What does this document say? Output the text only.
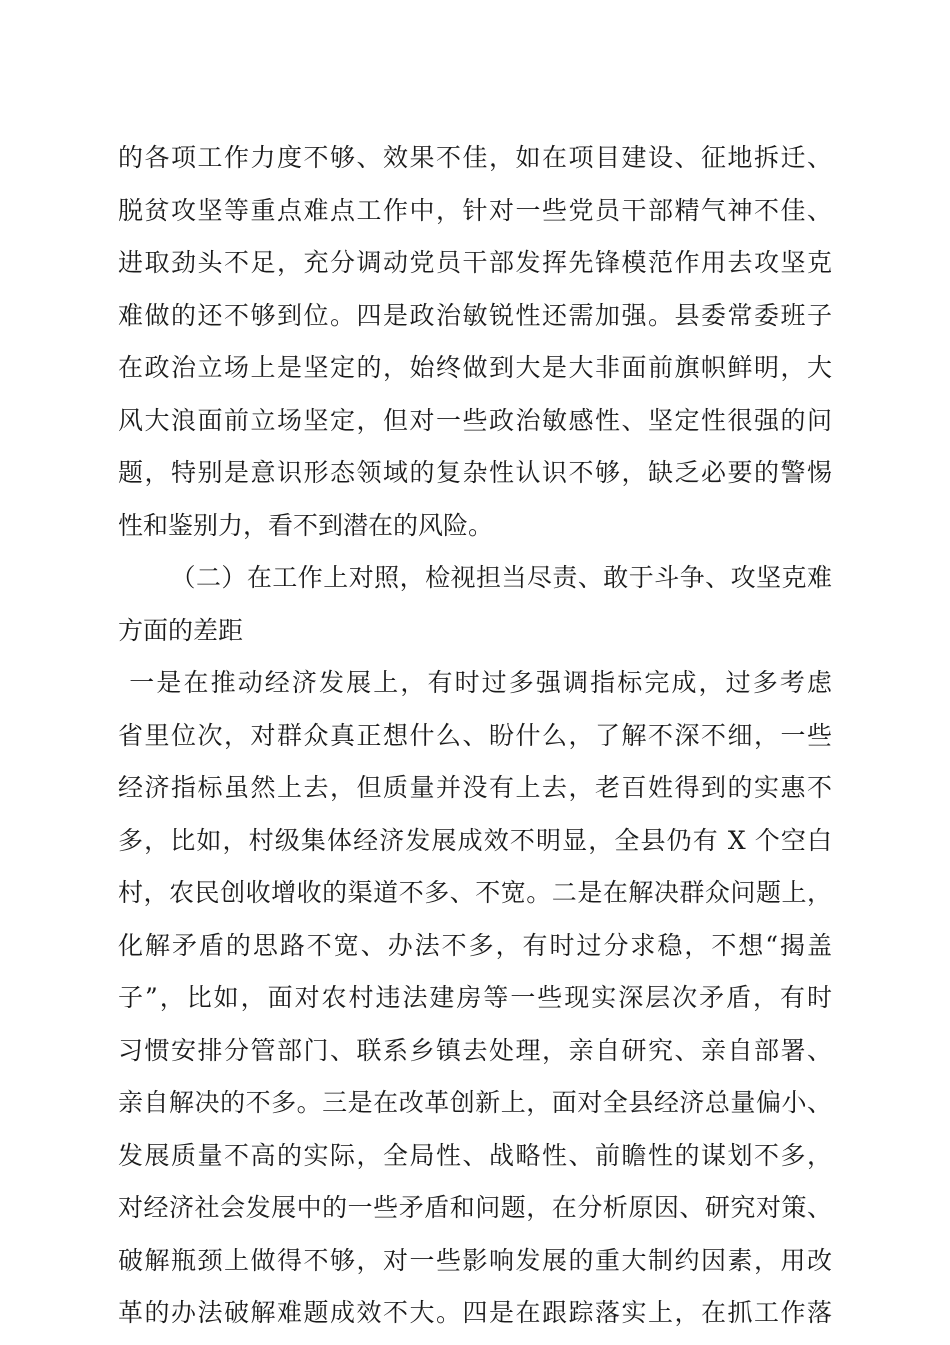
的各项工作力度不够、效果不佳，如在项目建设、征地拆迁、
脱贫攻坚等重点难点工作中，针对一些党员干部精气神不佳、
进取劲头不足，充分调动党员干部发挥先锋模范作用去攻坚克
难做的还不够到位。四是政治敏锐性还需加强。县委常委班子
在政治立场上是坚定的，始终做到大是大非面前旗帜鲜明，大
风大浪面前立场坚定，但对一些政治敏感性、坚定性很强的问
题，特别是意识形态领域的复杂性认识不够，缺乏必要的警惕
性和鉴别力，看不到潜在的风险。
（二）在工作上对照，检视担当尽责、敢于斗争、攻坚克难
方面的差距
一是在推动经济发展上，有时过多强调指标完成，过多考虑
省里位次，对群众真正想什么、盼什么，了解不深不细，一些
经济指标虽然上去，但质量并没有上去，老百姓得到的实惠不
多，比如，村级集体经济发展成效不明显，全县仍有 X 个空白
村，农民创收增收的渠道不多、不宽。二是在解决群众问题上，
化解矛盾的思路不宽、办法不多，有时过分求稳，不想“揭盖
子”，比如，面对农村违法建房等一些现实深层次矛盾，有时
习惯安排分管部门、联系乡镇去处理，亲自研究、亲自部署、
亲自解决的不多。三是在改革创新上，面对全县经济总量偏小、
发展质量不高的实际，全局性、战略性、前瞻性的谋划不多，
对经济社会发展中的一些矛盾和问题，在分析原因、研究对策、
破解瓶颈上做得不够，对一些影响发展的重大制约因素，用改
革的办法破解难题成效不大。四是在跟踪落实上，在抓工作落
